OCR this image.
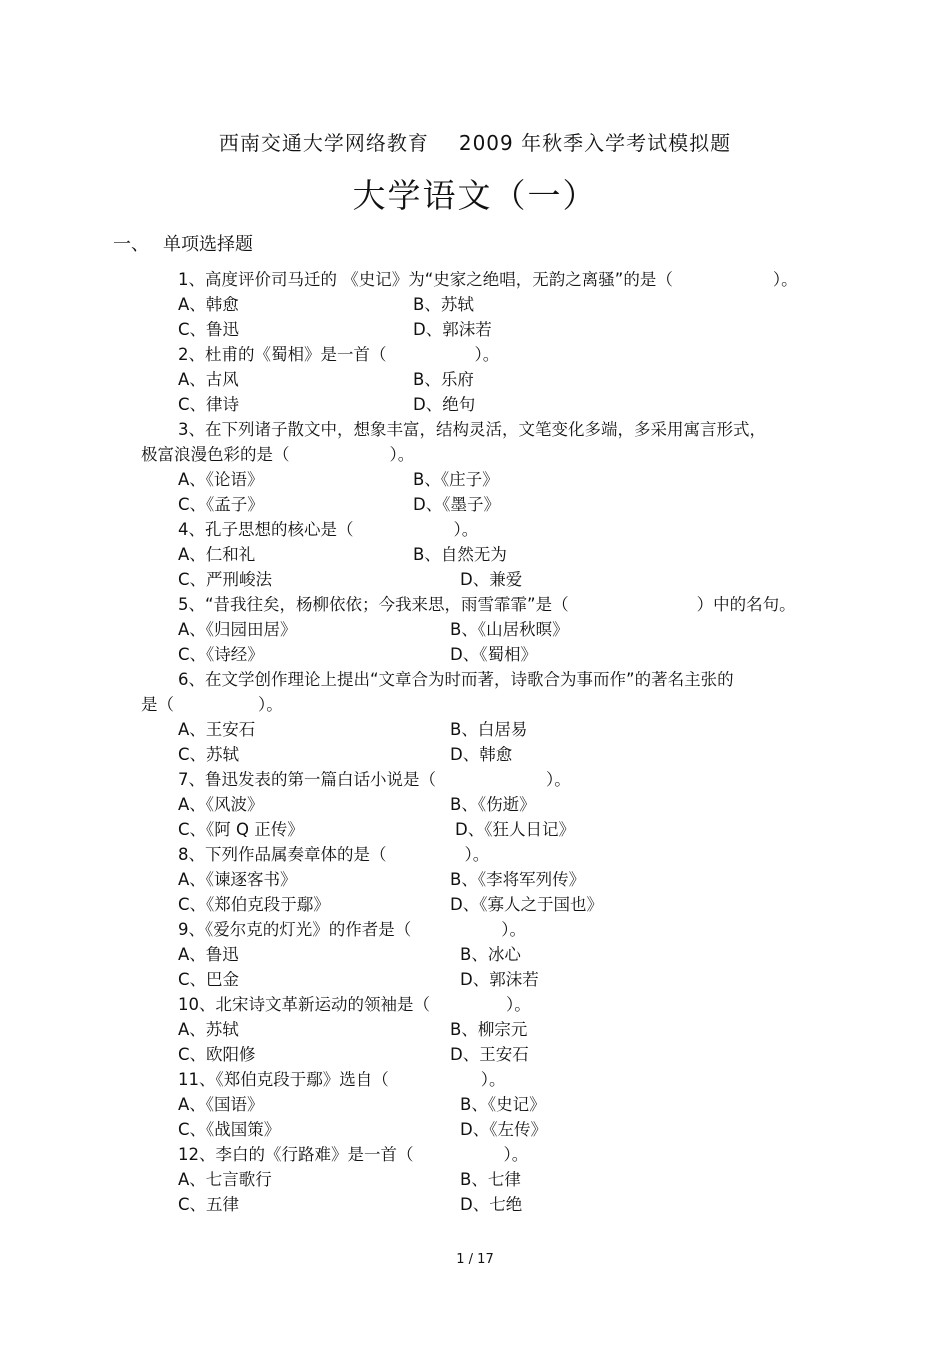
西南交通大学网络教育 2009 年秋季入学考试模拟题
大学语文（一）
一、 单项选择题
1、高度评价司马迁的 《史记》为“史家之绝唱，无韵之离骚”的是（	）。
A、韩愈	B、苏轼
C、鲁迅	D、郭沫若
2、杜甫的《蜀相》是一首（	）。
A、古风	B、乐府
C、律诗	D、绝句
3、在下列诸子散文中，想象丰富，结构灵活，文笔变化多端，多采用寓言形式，
极富浪漫色彩的是（	）。
A、《论语》	B、《庄子》
C、《孟子》	D、《墨子》
4、孔子思想的核心是（	）。
A、仁和礼	B、自然无为
C、严刑峻法	D、兼爱
5、“昔我往矣，杨柳依依；今我来思，雨雪霏霏”是（	）中的名句。
A、《归园田居》	B、《山居秋暝》
C、《诗经》	D、《蜀相》
6、在文学创作理论上提出“文章合为时而著，诗歌合为事而作”的著名主张的
是（	）。
A、王安石	B、白居易
C、苏轼	D、韩愈
7、鲁迅发表的第一篇白话小说是（	）。
A、《风波》	B、《伤逝》
C、《阿 Q 正传》	D、《狂人日记》
8、下列作品属奏章体的是（	）。
A、《谏逐客书》	B、《李将军列传》
C、《郑伯克段于鄢》	D、《寡人之于国也》
9、《爱尔克的灯光》的作者是（	）。
A、鲁迅	B、冰心
C、巴金	D、郭沫若
10、北宋诗文革新运动的领袖是（	）。
A、苏轼	B、柳宗元
C、欧阳修	D、王安石
11、《郑伯克段于鄢》选自（	）。
A、《国语》	B、《史记》
C、《战国策》	D、《左传》
12、李白的《行路难》是一首（	）。
A、七言歌行	B、七律
C、五律	D、七绝
1 / 17
